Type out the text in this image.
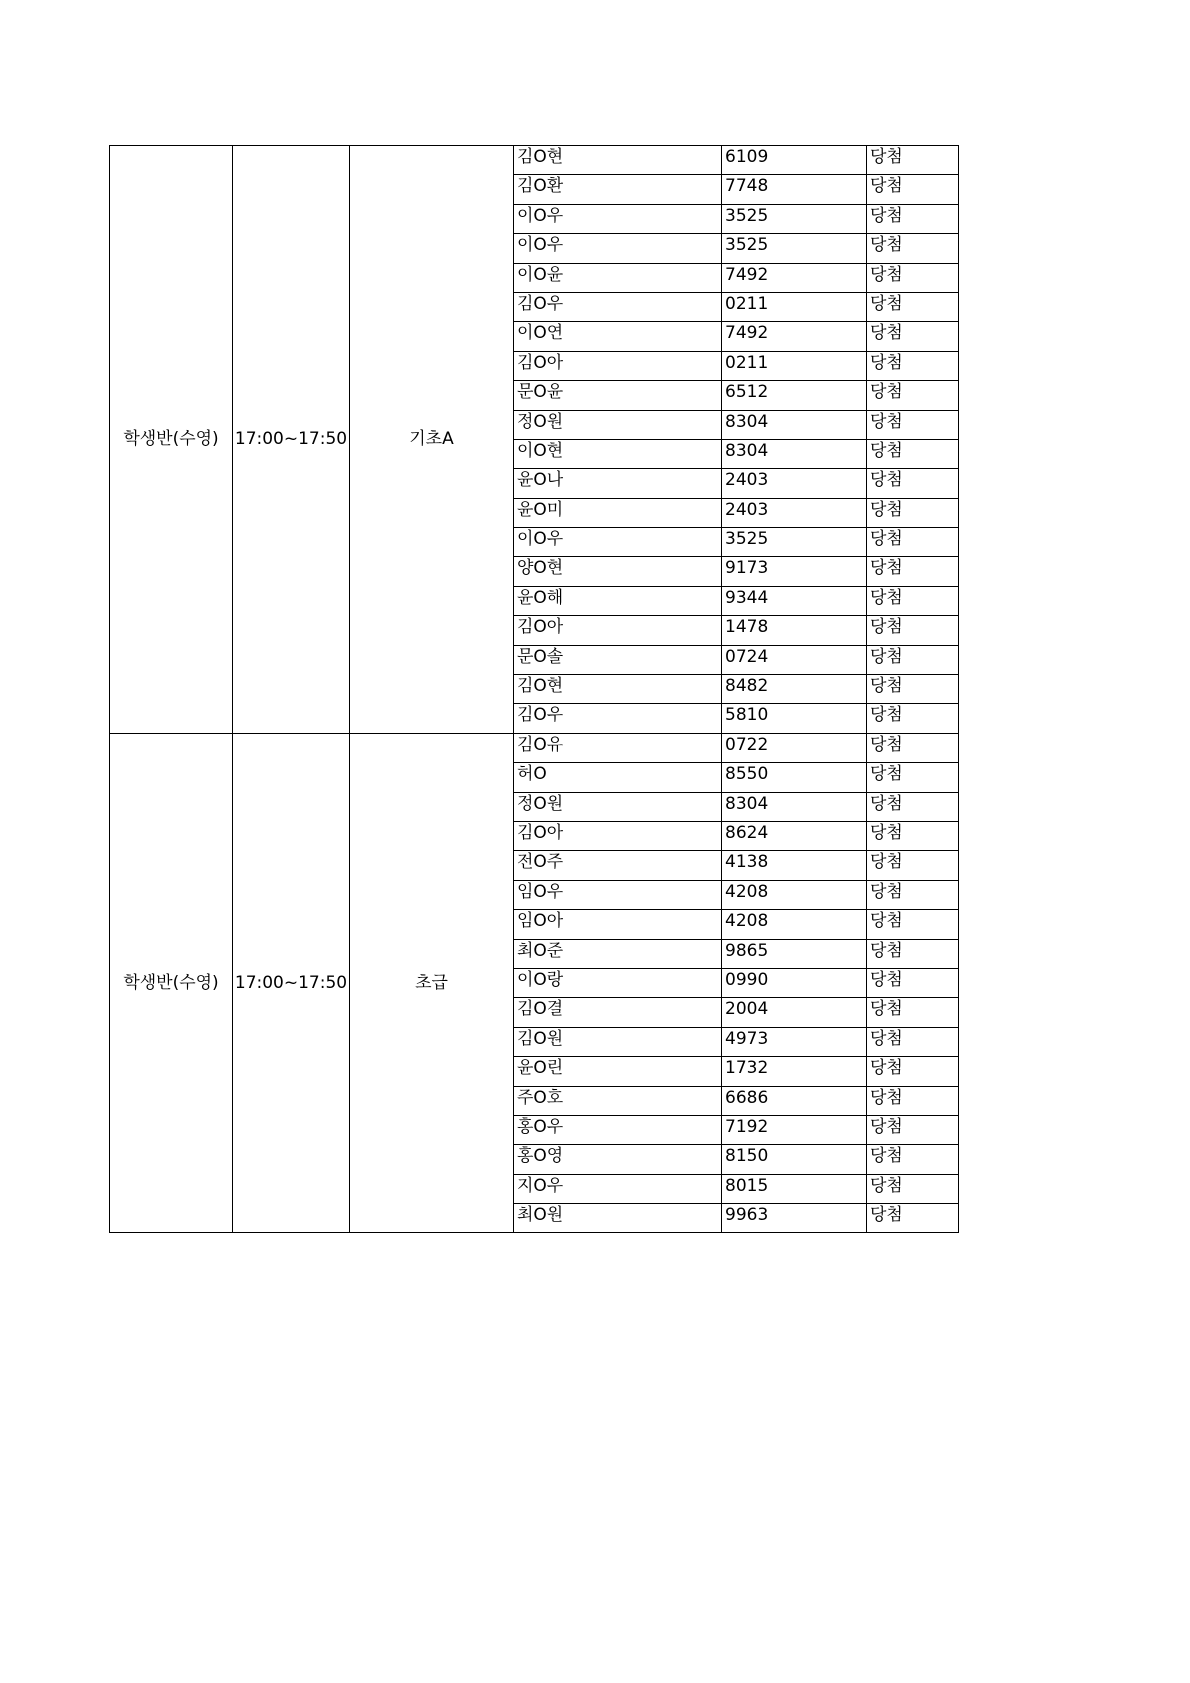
학생반(수영)	17:00~17:50	기초A	김O현	6109	당첨
			김O환	7748	당첨
			이O우	3525	당첨
			이O우	3525	당첨
			이O윤	7492	당첨
			김O우	0211	당첨
			이O연	7492	당첨
			김O아	0211	당첨
			문O윤	6512	당첨
			정O원	8304	당첨
			이O현	8304	당첨
			윤O나	2403	당첨
			윤O미	2403	당첨
			이O우	3525	당첨
			양O현	9173	당첨
			윤O해	9344	당첨
			김O아	1478	당첨
			문O솔	0724	당첨
			김O현	8482	당첨
			김O우	5810	당첨
학생반(수영)	17:00~17:50	초급	김O유	0722	당첨
			허O	8550	당첨
			정O원	8304	당첨
			김O아	8624	당첨
			전O주	4138	당첨
			임O우	4208	당첨
			임O아	4208	당첨
			최O준	9865	당첨
			이O랑	0990	당첨
			김O결	2004	당첨
			김O원	4973	당첨
			윤O린	1732	당첨
			주O호	6686	당첨
			홍O우	7192	당첨
			홍O영	8150	당첨
			지O우	8015	당첨
			최O원	9963	당첨
